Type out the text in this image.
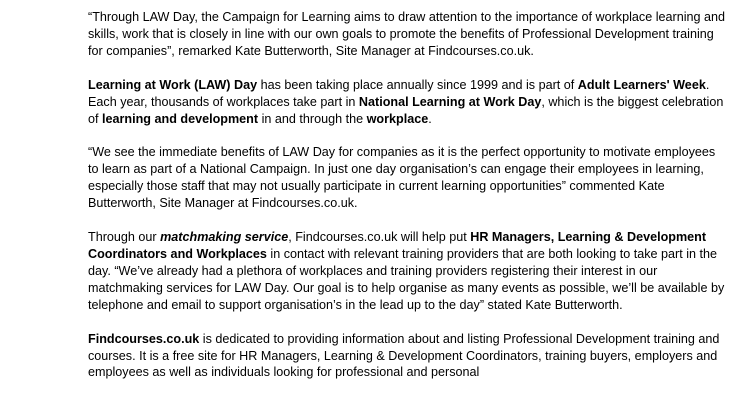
“Through LAW Day, the Campaign for Learning aims to draw attention to the importance of workplace learning and skills, work that is closely in line with our own goals to promote the benefits of Professional Development training for companies”, remarked Kate Butterworth, Site Manager at Findcourses.co.uk.

Learning at Work (LAW) Day has been taking place annually since 1999 and is part of Adult Learners' Week. Each year, thousands of workplaces take part in National Learning at Work Day, which is the biggest celebration of learning and development in and through the workplace.

“We see the immediate benefits of LAW Day for companies as it is the perfect opportunity to motivate employees to learn as part of a National Campaign. In just one day organisation’s can engage their employees in learning, especially those staff that may not usually participate in current learning opportunities” commented Kate Butterworth, Site Manager at Findcourses.co.uk.

Through our matchmaking service, Findcourses.co.uk will help put HR Managers, Learning & Development Coordinators and Workplaces in contact with relevant training providers that are both looking to take part in the day. “We’ve already had a plethora of workplaces and training providers registering their interest in our matchmaking services for LAW Day. Our goal is to help organise as many events as possible, we’ll be available by telephone and email to support organisation’s in the lead up to the day” stated Kate Butterworth.

Findcourses.co.uk is dedicated to providing information about and listing Professional Development training and courses. It is a free site for HR Managers, Learning & Development Coordinators, training buyers, employers and employees as well as individuals looking for professional and personal
